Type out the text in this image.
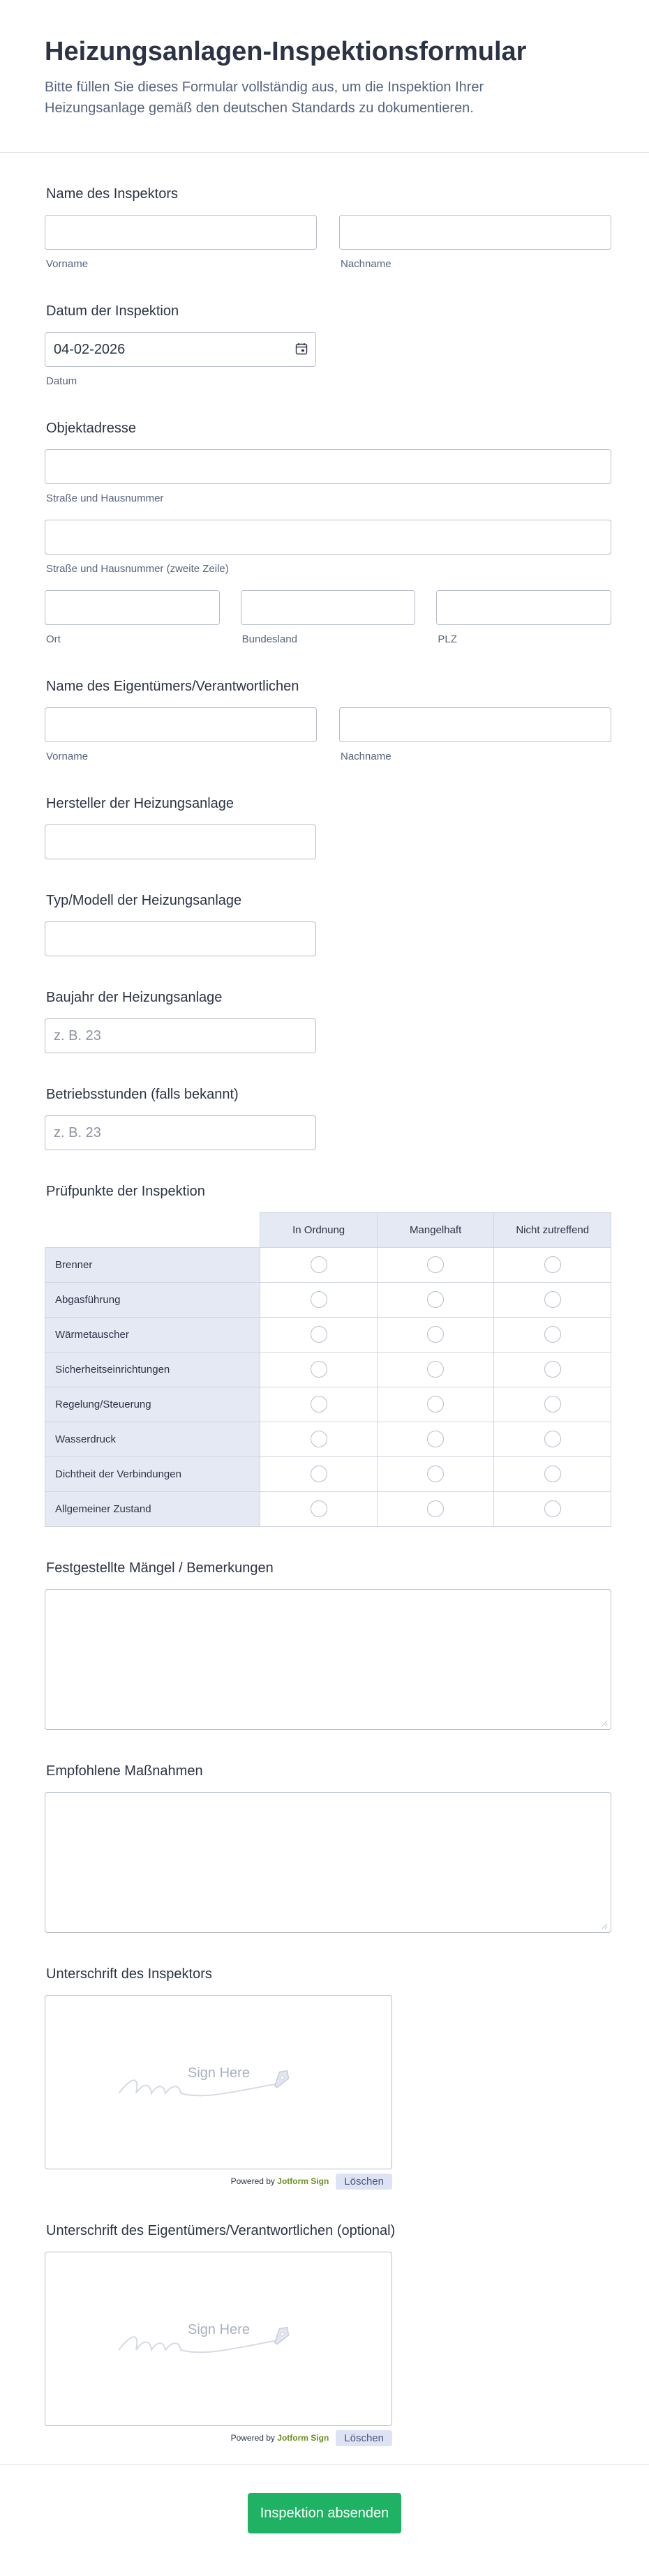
Heizungsanlagen-Inspektionsformular

Bitte füllen Sie dieses Formular vollständig aus, um die Inspektion Ihrer Heizungsanlage gemäß den deutschen Standards zu dokumentieren.

Name des Inspektors
Vorname	Nachname
Datum der Inspektion
04-02-2026
Datum
Objektadresse
Straße und Hausnummer
Straße und Hausnummer (zweite Zeile)
Ort	Bundesland	PLZ
Name des Eigentümers/Verantwortlichen
Vorname	Nachname
Hersteller der Heizungsanlage
Typ/Modell der Heizungsanlage
Baujahr der Heizungsanlage
z. B. 23
Betriebsstunden (falls bekannt)
z. B. 23
Prüfpunkte der Inspektion
	In Ordnung	Mangelhaft	Nicht zutreffend
Brenner			
Abgasführung			
Wärmetauscher			
Sicherheitseinrichtungen			
Regelung/Steuerung			
Wasserdruck			
Dichtheit der Verbindungen			
Allgemeiner Zustand			
Festgestellte Mängel / Bemerkungen
Empfohlene Maßnahmen
Unterschrift des Inspektors
Sign Here
Powered by Jotform Sign	Löschen
Unterschrift des Eigentümers/Verantwortlichen (optional)
Sign Here
Powered by Jotform Sign	Löschen
Inspektion absenden
